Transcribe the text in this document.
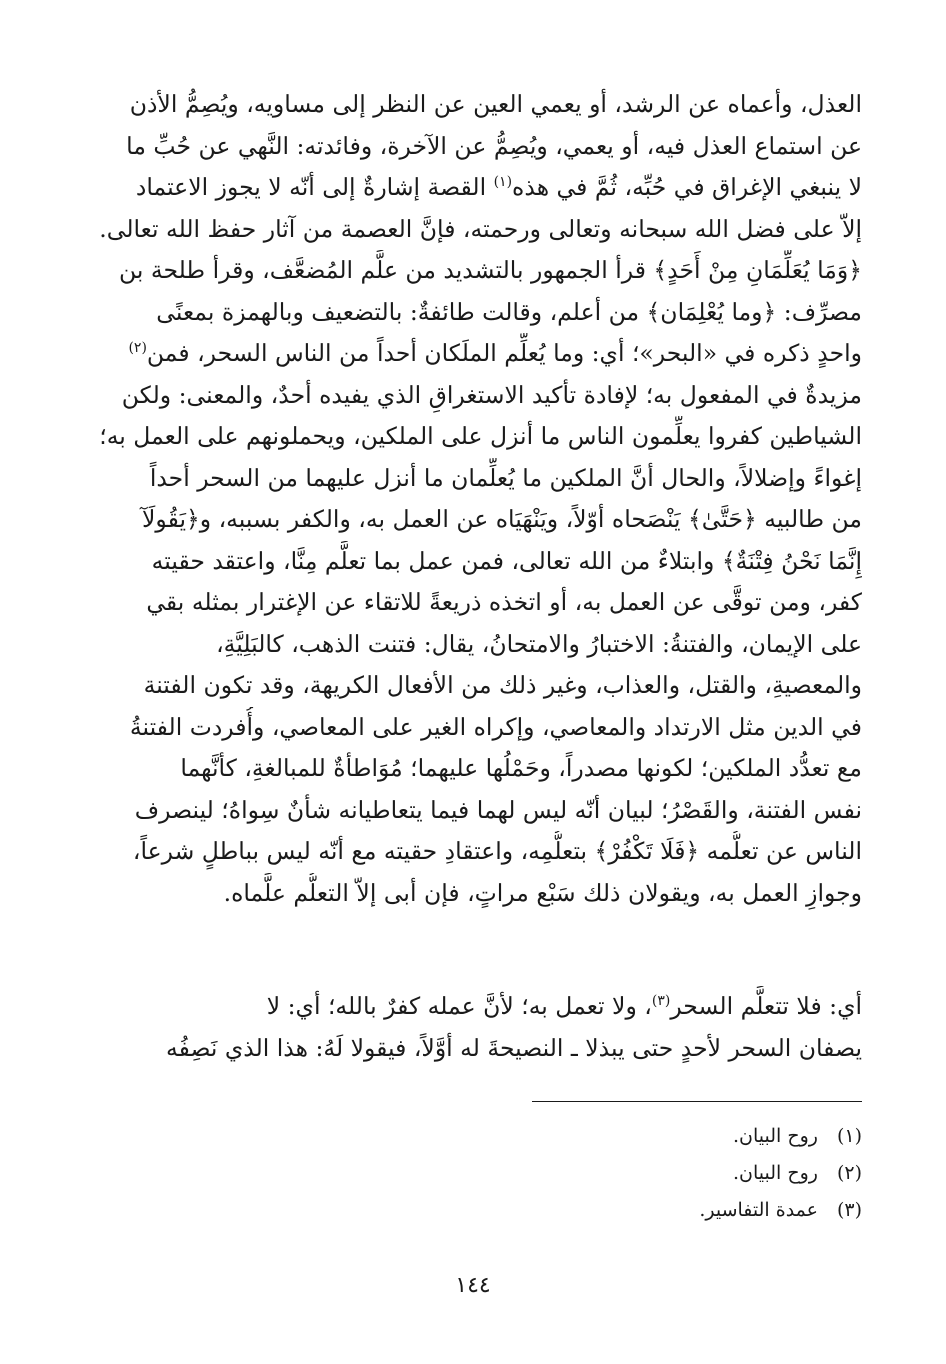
العذل، وأعماه عن الرشد، أو يعمي العين عن النظر إلى مساويه، ويُصِمُّ الأذن
عن استماع العذل فيه، أو يعمي، ويُصِمُّ عن الآخرة، وفائدته: النَّهي عن حُبِّ ما
لا ينبغي الإغراق في حُبِّه، ثُمَّ في هذه$^{(١)}$ القصة إشارةٌ إلى أنّه لا يجوز الاعتماد
إلاّ على فضل الله سبحانه وتعالى ورحمته، فإنَّ العصمة من آثار حفظ الله تعالى.
﴿وَمَا يُعَلِّمَانِ مِنْ أَحَدٍ﴾ قرأ الجمهور بالتشديد من علَّم المُضعَّف، وقرأ طلحة بن
مصرِّف: ﴿وما يُعْلِمَان﴾ من أعلم، وقالت طائفةٌ: بالتضعيف وبالهمزة بمعنًى
واحدٍ ذكره في «البحر»؛ أي: وما يُعلِّم الملَكان أحداً من الناس السحر، فمن$^{(٢)}$
مزيدةٌ في المفعول به؛ لإفادة تأكيد الاستغراقِ الذي يفيده أحدٌ، والمعنى: ولكن
الشياطين كفروا يعلِّمون الناس ما أنزل على الملكين، ويحملونهم على العمل به؛
إغواءً وإضلالاً، والحال أنَّ الملكين ما يُعلِّمان ما أنزل عليهما من السحر أحداً
من طالبيه ﴿حَتَّىٰ﴾ يَنْصَحاه أوّلاً، ويَنْهَيَاه عن العمل به، والكفر بسببه، و﴿يَقُولَآ
إِنَّمَا نَحْنُ فِتْنَةٌ﴾ وابتلاءٌ من الله تعالى، فمن عمل بما تعلَّم مِنَّا، واعتقد حقيته
كفر، ومن توقَّى عن العمل به، أو اتخذه ذريعةً للاتقاء عن الإغترار بمثله بقي
على الإيمان، والفتنةُ: الاختبارُ والامتحانُ، يقال: فتنت الذهب، كالبَلِيَّةِ،
والمعصيةِ، والقتل، والعذاب، وغير ذلك من الأفعال الكريهة، وقد تكون الفتنة
في الدين مثل الارتداد والمعاصي، وإكراه الغير على المعاصي، وأُفردت الفتنةُ
مع تعدُّد الملكين؛ لكونها مصدراً، وحَمْلُها عليهما؛ مُوَاطأةٌ للمبالغةِ، كأنَّهما
نفس الفتنة، والقَصْرُ؛ لبيان أنّه ليس لهما فيما يتعاطيانه شأنٌ سِواهُ؛ لينصرف
الناس عن تعلُّمه ﴿فَلَا تَكْفُرْ﴾ بتعلُّمِه، واعتقادِ حقيته مع أنّه ليس بباطلٍ شرعاً،
وجوازِ العمل به، ويقولان ذلك سَبْع مراتٍ، فإن أبى إلاّ التعلُّم علَّماه.
أي: فلا تتعلَّم السحر$^{(٣)}$، ولا تعمل به؛ لأنَّ عمله كفرٌ بالله؛ أي: لا
يصفان السحر لأحدٍ حتى يبذلا ـ النصيحةَ له أوَّلاً، فيقولا لَهُ: هذا الذي نَصِفُه
(١)روح البيان.
(٢)روح البيان.
(٣)عمدة التفاسير.
١٤٤
